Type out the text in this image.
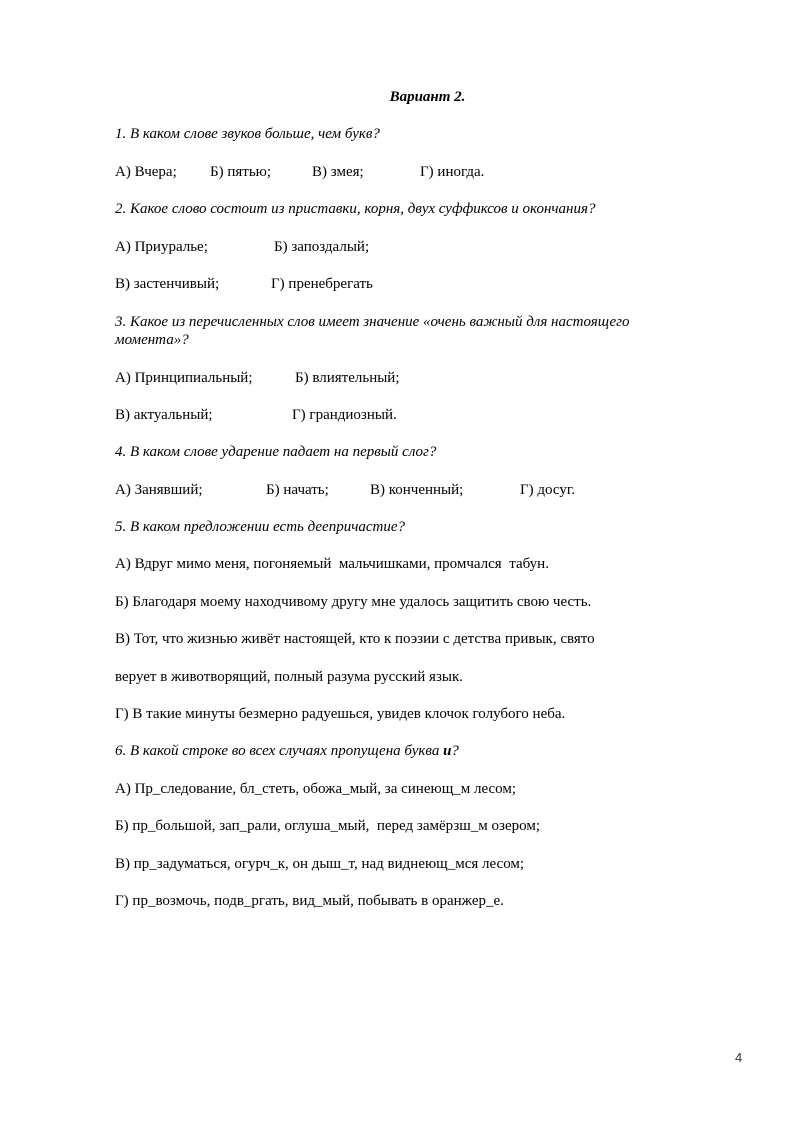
Вариант 2.
1. В каком слове звуков больше, чем букв?
А) Вчера; Б) пятью;	В) змея;	Г) иногда.
2. Какое слово состоит из приставки, корня, двух суффиксов и окончания?
А) Приуралье;	Б) запоздалый;
В) застенчивый;	Г) пренебрегать
3. Какое из перечисленных слов имеет значение «очень важный для настоящего
момента»?
А) Принципиальный;	Б) влиятельный;
В) актуальный;	Г) грандиозный.
4. В каком слове ударение падает на первый слог?
А) Занявший;	Б) начать;	В) конченный;	Г) досуг.
5. В каком предложении есть деепричастие?
А) Вдруг мимо меня, погоняемый  мальчишками, промчался  табун.
Б) Благодаря моему находчивому другу мне удалось защитить свою честь.
В) Тот, что жизнью живёт настоящей, кто к поэзии с детства привык, свято
верует в животворящий, полный разума русский язык.
Г) В такие минуты безмерно радуешься, увидев клочок голубого неба.
6. В какой строке во всех случаях пропущена буква и?
А) Пр_следование, бл_стеть, обожа_мый, за синеющ_м лесом;
Б) пр_большой, зап_рали, оглуша_мый,  перед замёрзш_м озером;
В) пр_задуматься, огурч_к, он дыш_т, над виднеющ_мся лесом;
Г) пр_возмочь, подв_ргать, вид_мый, побывать в оранжер_е.
4
